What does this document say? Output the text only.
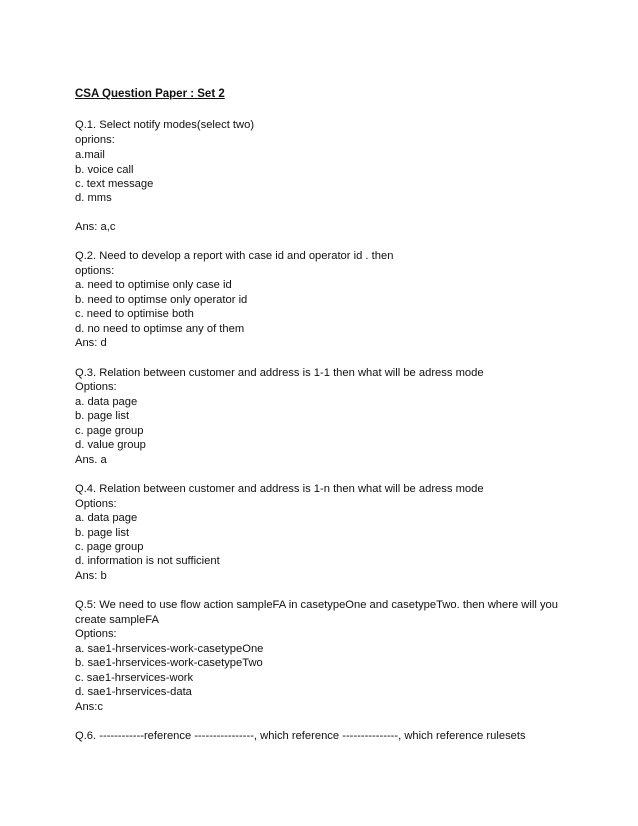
CSA Question Paper : Set 2
Q.1. Select notify modes(select two)
oprions:
a.mail
b. voice call
c. text message
d. mms
Ans: a,c
Q.2. Need to develop a report with case id and operator id . then
options:
a. need to optimise only case id
b. need to optimse only operator id
c. need to optimise both
d. no need to optimse any of them
Ans: d
Q.3. Relation between customer and address is 1-1 then what will be adress mode
Options:
a. data page
b. page list
c. page group
d. value group
Ans. a
Q.4. Relation between customer and address is 1-n then what will be adress mode
Options:
a. data page
b. page list
c. page group
d. information is not sufficient
Ans: b
Q.5: We need to use flow action sampleFA in casetypeOne and casetypeTwo. then where will you
create sampleFA
Options:
a. sae1-hrservices-work-casetypeOne
b. sae1-hrservices-work-casetypeTwo
c. sae1-hrservices-work
d. sae1-hrservices-data
Ans:c
Q.6. ------------reference ----------------, which reference ---------------, which reference rulesets
